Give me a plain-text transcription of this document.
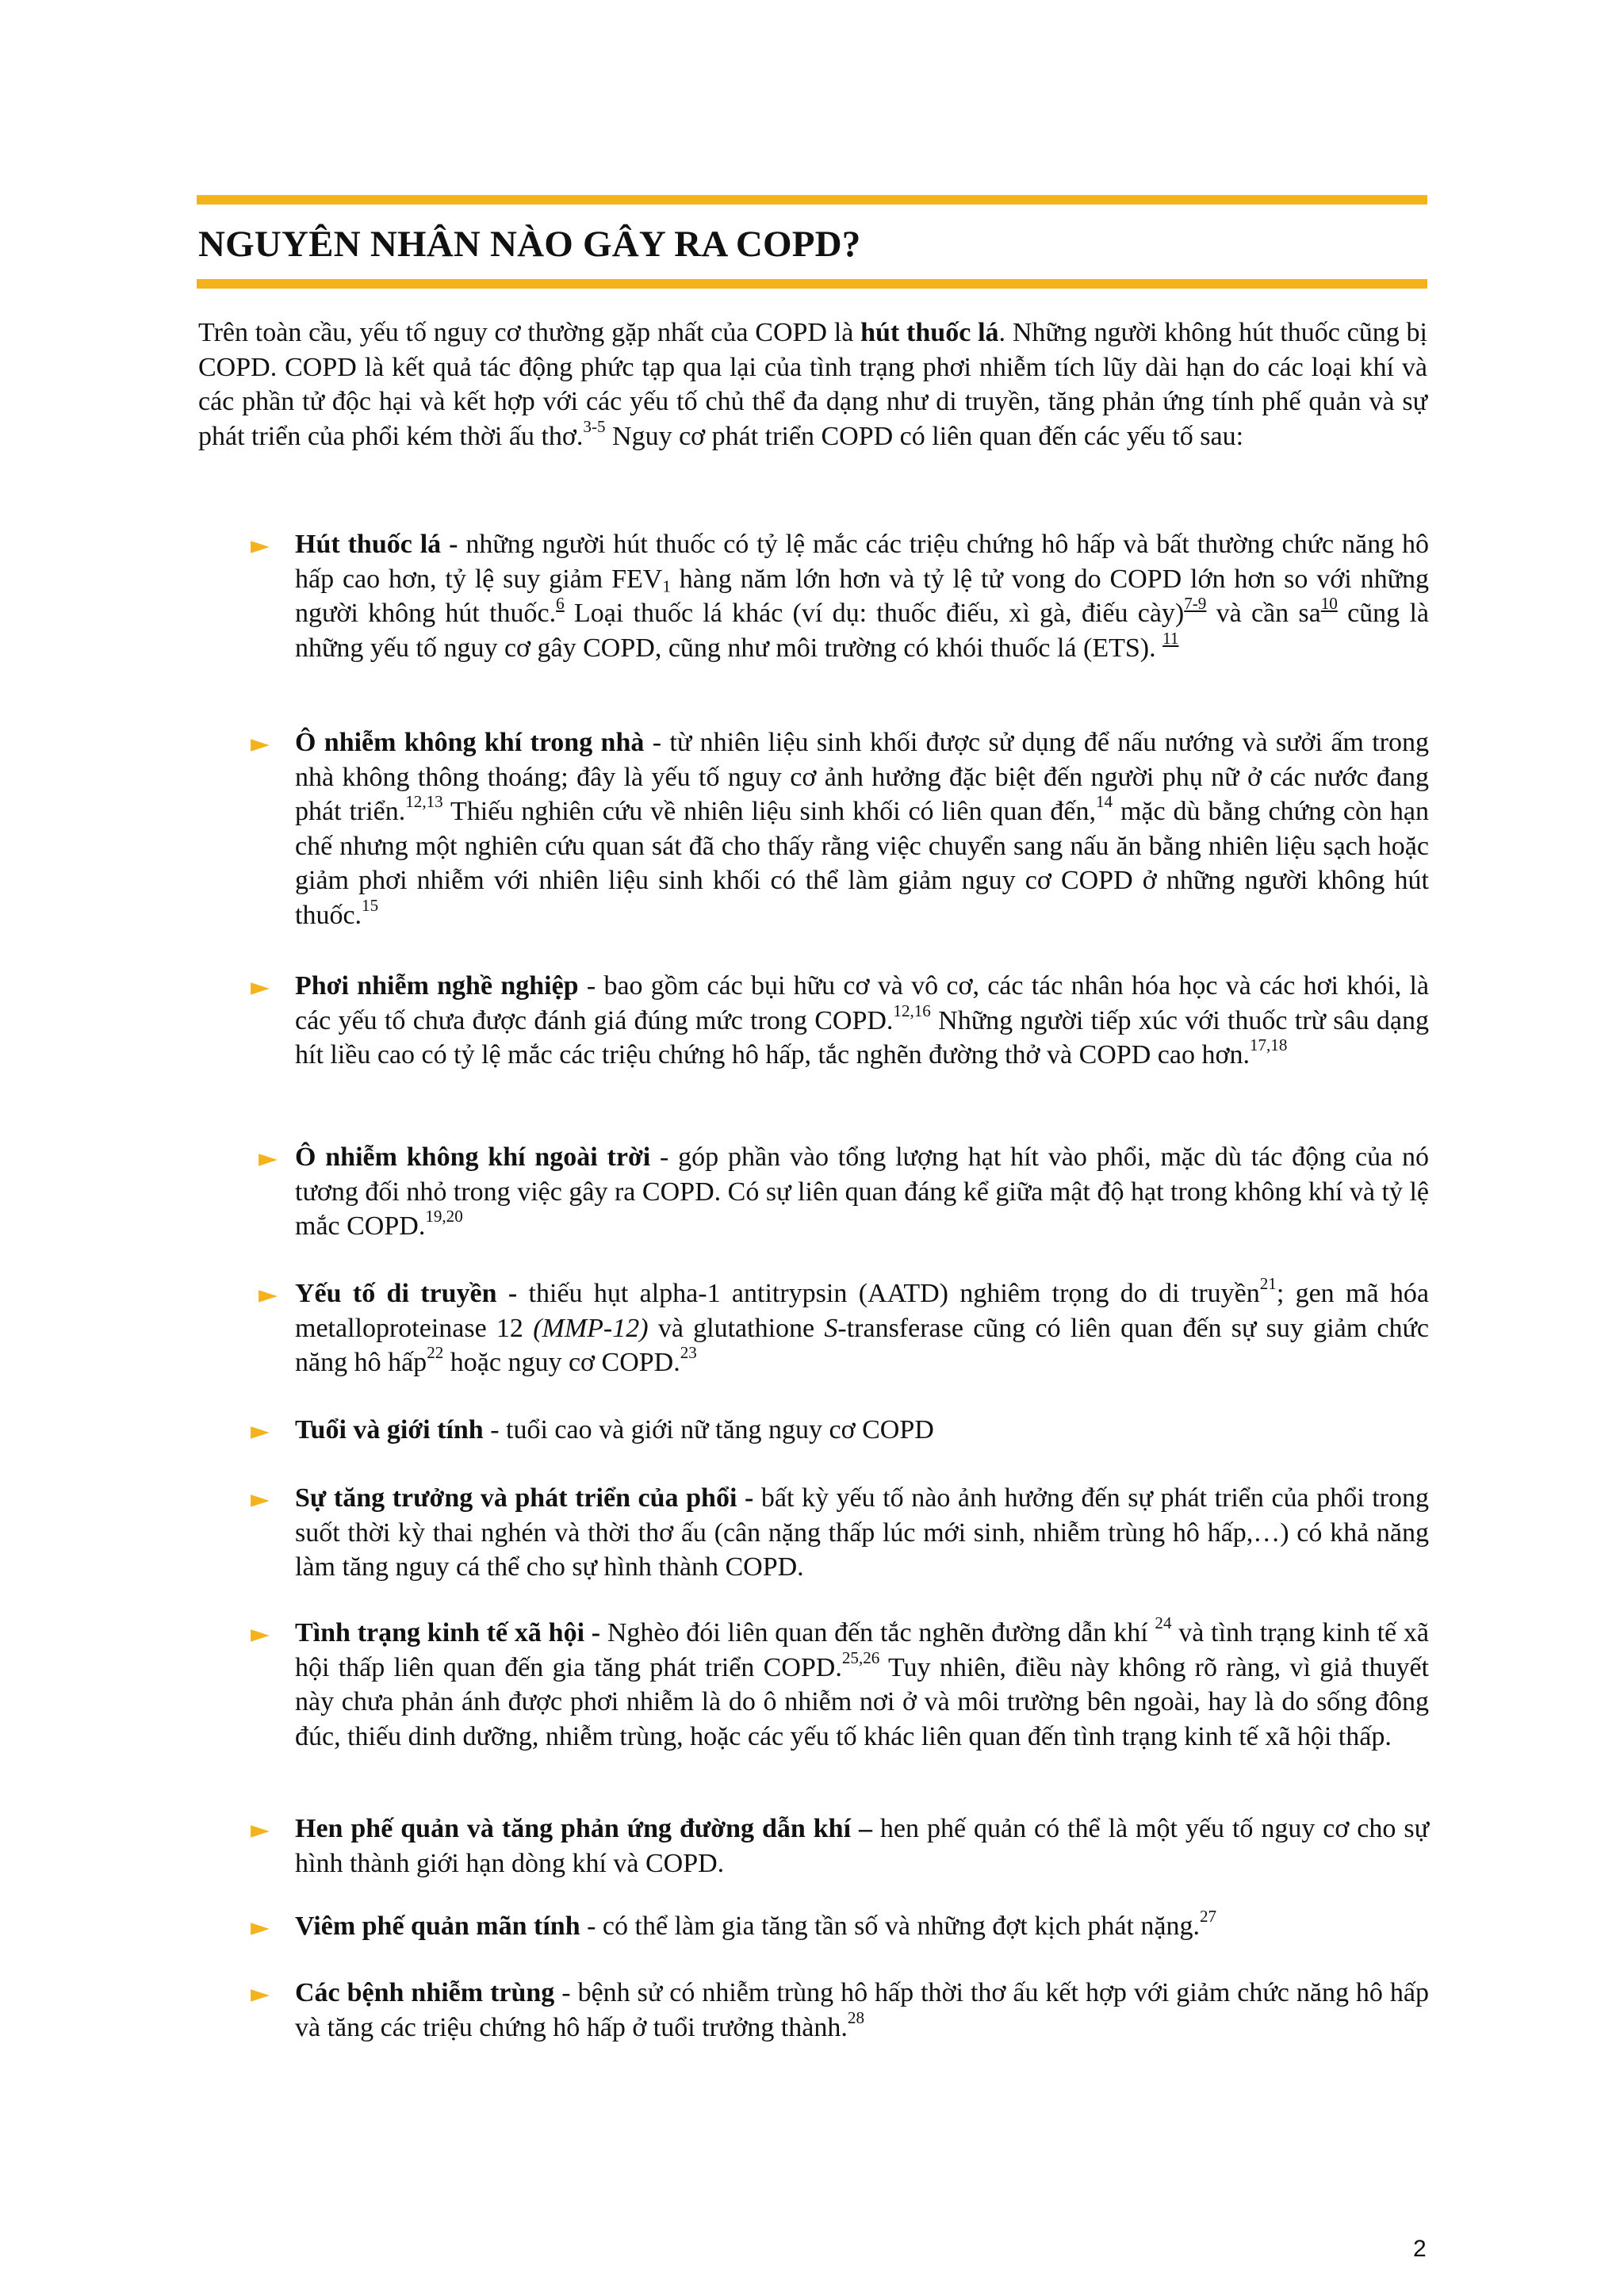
NGUYÊN NHÂN NÀO GÂY RA COPD?

Trên toàn cầu, yếu tố nguy cơ thường gặp nhất của COPD là hút thuốc lá. Những người không hút thuốc cũng bị COPD. COPD là kết quả tác động phức tạp qua lại của tình trạng phơi nhiễm tích lũy dài hạn do các loại khí và các phần tử độc hại và kết hợp với các yếu tố chủ thể đa dạng như di truyền, tăng phản ứng tính phế quản và sự phát triển của phổi kém thời ấu thơ.$^{3-5}$ Nguy cơ phát triển COPD có liên quan đến các yếu tố sau:

► Hút thuốc lá - những người hút thuốc có tỷ lệ mắc các triệu chứng hô hấp và bất thường chức năng hô hấp cao hơn, tỷ lệ suy giảm $FEV_1$ hàng năm lớn hơn và tỷ lệ tử vong do COPD lớn hơn so với những người không hút thuốc.$^6$ Loại thuốc lá khác (ví dụ: thuốc điếu, xì gà, điếu cày)$^{7-9}$ và cần $sa^{10}$ cũng là những yếu tố nguy cơ gây COPD, cũng như môi trường có khói thuốc lá (ETS). $^{11}$
► Ô nhiễm không khí trong nhà - từ nhiên liệu sinh khối được sử dụng để nấu nướng và sưởi ấm trong nhà không thông thoáng; đây là yếu tố nguy cơ ảnh hưởng đặc biệt đến người phụ nữ ở các nước đang phát triển.$^{12,13}$ Thiếu nghiên cứu về nhiên liệu sinh khối có liên quan đến,$^{14}$ mặc dù bằng chứng còn hạn chế nhưng một nghiên cứu quan sát đã cho thấy rằng việc chuyển sang nấu ăn bằng nhiên liệu sạch hoặc giảm phơi nhiễm với nhiên liệu sinh khối có thể làm giảm nguy cơ COPD ở những người không hút thuốc.$^{15}$
► Phơi nhiễm nghề nghiệp - bao gồm các bụi hữu cơ và vô cơ, các tác nhân hóa học và các hơi khói, là các yếu tố chưa được đánh giá đúng mức trong COPD.$^{12,16}$ Những người tiếp xúc với thuốc trừ sâu dạng hít liều cao có tỷ lệ mắc các triệu chứng hô hấp, tắc nghẽn đường thở và COPD cao hơn.$^{17,18}$
► Ô nhiễm không khí ngoài trời - góp phần vào tổng lượng hạt hít vào phổi, mặc dù tác động của nó tương đối nhỏ trong việc gây ra COPD. Có sự liên quan đáng kể giữa mật độ hạt trong không khí và tỷ lệ mắc COPD.$^{19,20}$
► Yếu tố di truyền - thiếu hụt alpha-1 antitrypsin (AATD) nghiêm trọng do di truyền$^{21}$; gen mã hóa metalloproteinase 12 (MMP-12) và glutathione S-transferase cũng có liên quan đến sự suy giảm chức năng hô hấp$^{22}$ hoặc nguy cơ COPD.$^{23}$
► Tuổi và giới tính - tuổi cao và giới nữ tăng nguy cơ COPD
► Sự tăng trưởng và phát triển của phổi - bất kỳ yếu tố nào ảnh hưởng đến sự phát triển của phổi trong suốt thời kỳ thai nghén và thời thơ ấu (cân nặng thấp lúc mới sinh, nhiễm trùng hô hấp,…) có khả năng làm tăng nguy cá thể cho sự hình thành COPD.
► Tình trạng kinh tế xã hội - Nghèo đói liên quan đến tắc nghẽn đường dẫn khí $^{24}$ và tình trạng kinh tế xã hội thấp liên quan đến gia tăng phát triển COPD.$^{25,26}$ Tuy nhiên, điều này không rõ ràng, vì giả thuyết này chưa phản ánh được phơi nhiễm là do ô nhiễm nơi ở và môi trường bên ngoài, hay là do sống đông đúc, thiếu dinh dưỡng, nhiễm trùng, hoặc các yếu tố khác liên quan đến tình trạng kinh tế xã hội thấp.
► Hen phế quản và tăng phản ứng đường dẫn khí – hen phế quản có thể là một yếu tố nguy cơ cho sự hình thành giới hạn dòng khí và COPD.
► Viêm phế quản mãn tính - có thể làm gia tăng tần số và những đợt kịch phát nặng.$^{27}$
► Các bệnh nhiễm trùng - bệnh sử có nhiễm trùng hô hấp thời thơ ấu kết hợp với giảm chức năng hô hấp và tăng các triệu chứng hô hấp ở tuổi trưởng thành.$^{28}$
2
